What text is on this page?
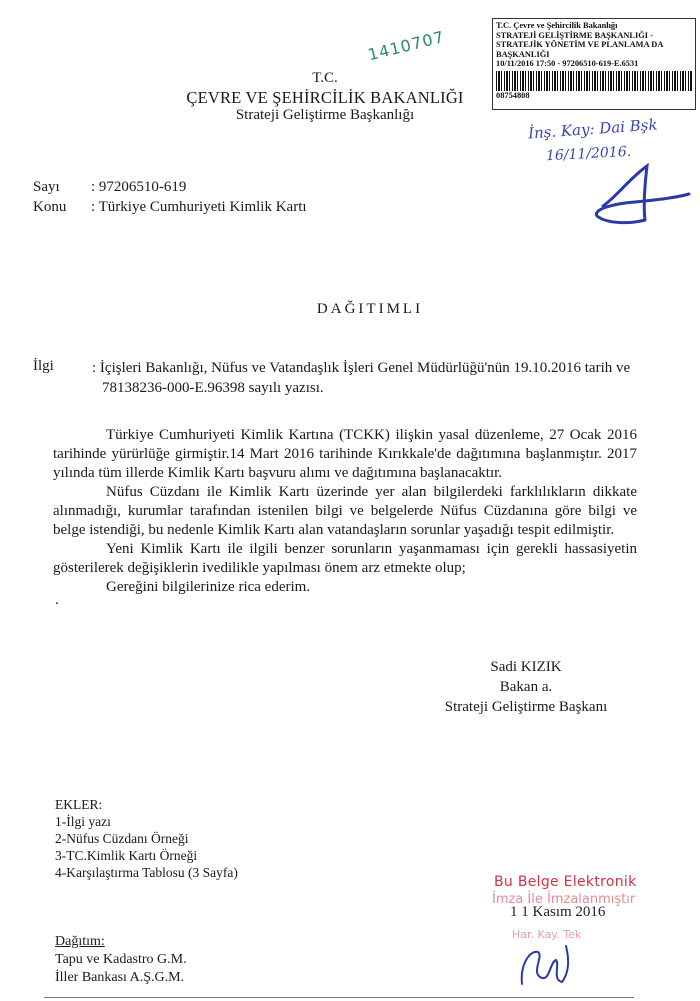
T.C.
ÇEVRE VE ŞEHİRCİLİK BAKANLIĞI
Strateji Geliştirme Başkanlığı
T.C. Çevre ve Şehircilik Bakanlığı
STRATEJİ GELİŞTİRME BAŞKANLIĞI -
STRATEJİK YÖNETİM VE PLANLAMA DA
BAŞKANLIĞI
10/11/2016 17:50 - 97206510-619-E.6531
08754808
1410707
İnş. Kay: Dai Bşk
16/11/2016.
Sayı : 97206510-619
Konu : Türkiye Cumhuriyeti Kimlik Kartı
DAĞITIMLI
İlgi	: İçişleri Bakanlığı, Nüfus ve Vatandaşlık İşleri Genel Müdürlüğü'nün 19.10.2016 tarih ve 78138236-000-E.96398 sayılı yazısı.

Türkiye Cumhuriyeti Kimlik Kartına (TCKK) ilişkin yasal düzenleme, 27 Ocak 2016 tarihinde yürürlüğe girmiştir.14 Mart 2016 tarihinde Kırıkkale'de dağıtımına başlanmıştır. 2017 yılında tüm illerde Kimlik Kartı başvuru alımı ve dağıtımına başlanacaktır.

Nüfus Cüzdanı ile Kimlik Kartı üzerinde yer alan bilgilerdeki farklılıkların dikkate alınmadığı, kurumlar tarafından istenilen bilgi ve belgelerde Nüfus Cüzdanına göre bilgi ve belge istendiği, bu nedenle Kimlik Kartı alan vatandaşların sorunlar yaşadığı tespit edilmiştir.

Yeni Kimlik Kartı ile ilgili benzer sorunların yaşanmaması için gerekli hassasiyetin gösterilerek değişiklerin ivedilikle yapılması önem arz etmekte olup;

Gereğini bilgilerinize rica ederim.

.
Sadi KIZIK
Bakan a.
Strateji Geliştirme Başkanı
EKLER:
1-İlgi yazı
2-Nüfus Cüzdanı Örneği
3-TC.Kimlik Kartı Örneği
4-Karşılaştırma Tablosu (3 Sayfa)
Bu Belge Elektronik
İmza İle İmzalanmıştır
1 1 Kasım 2016
Har. Kay. Tek
Dağıtım:
Tapu ve Kadastro G.M.
İller Bankası A.Ş.G.M.
